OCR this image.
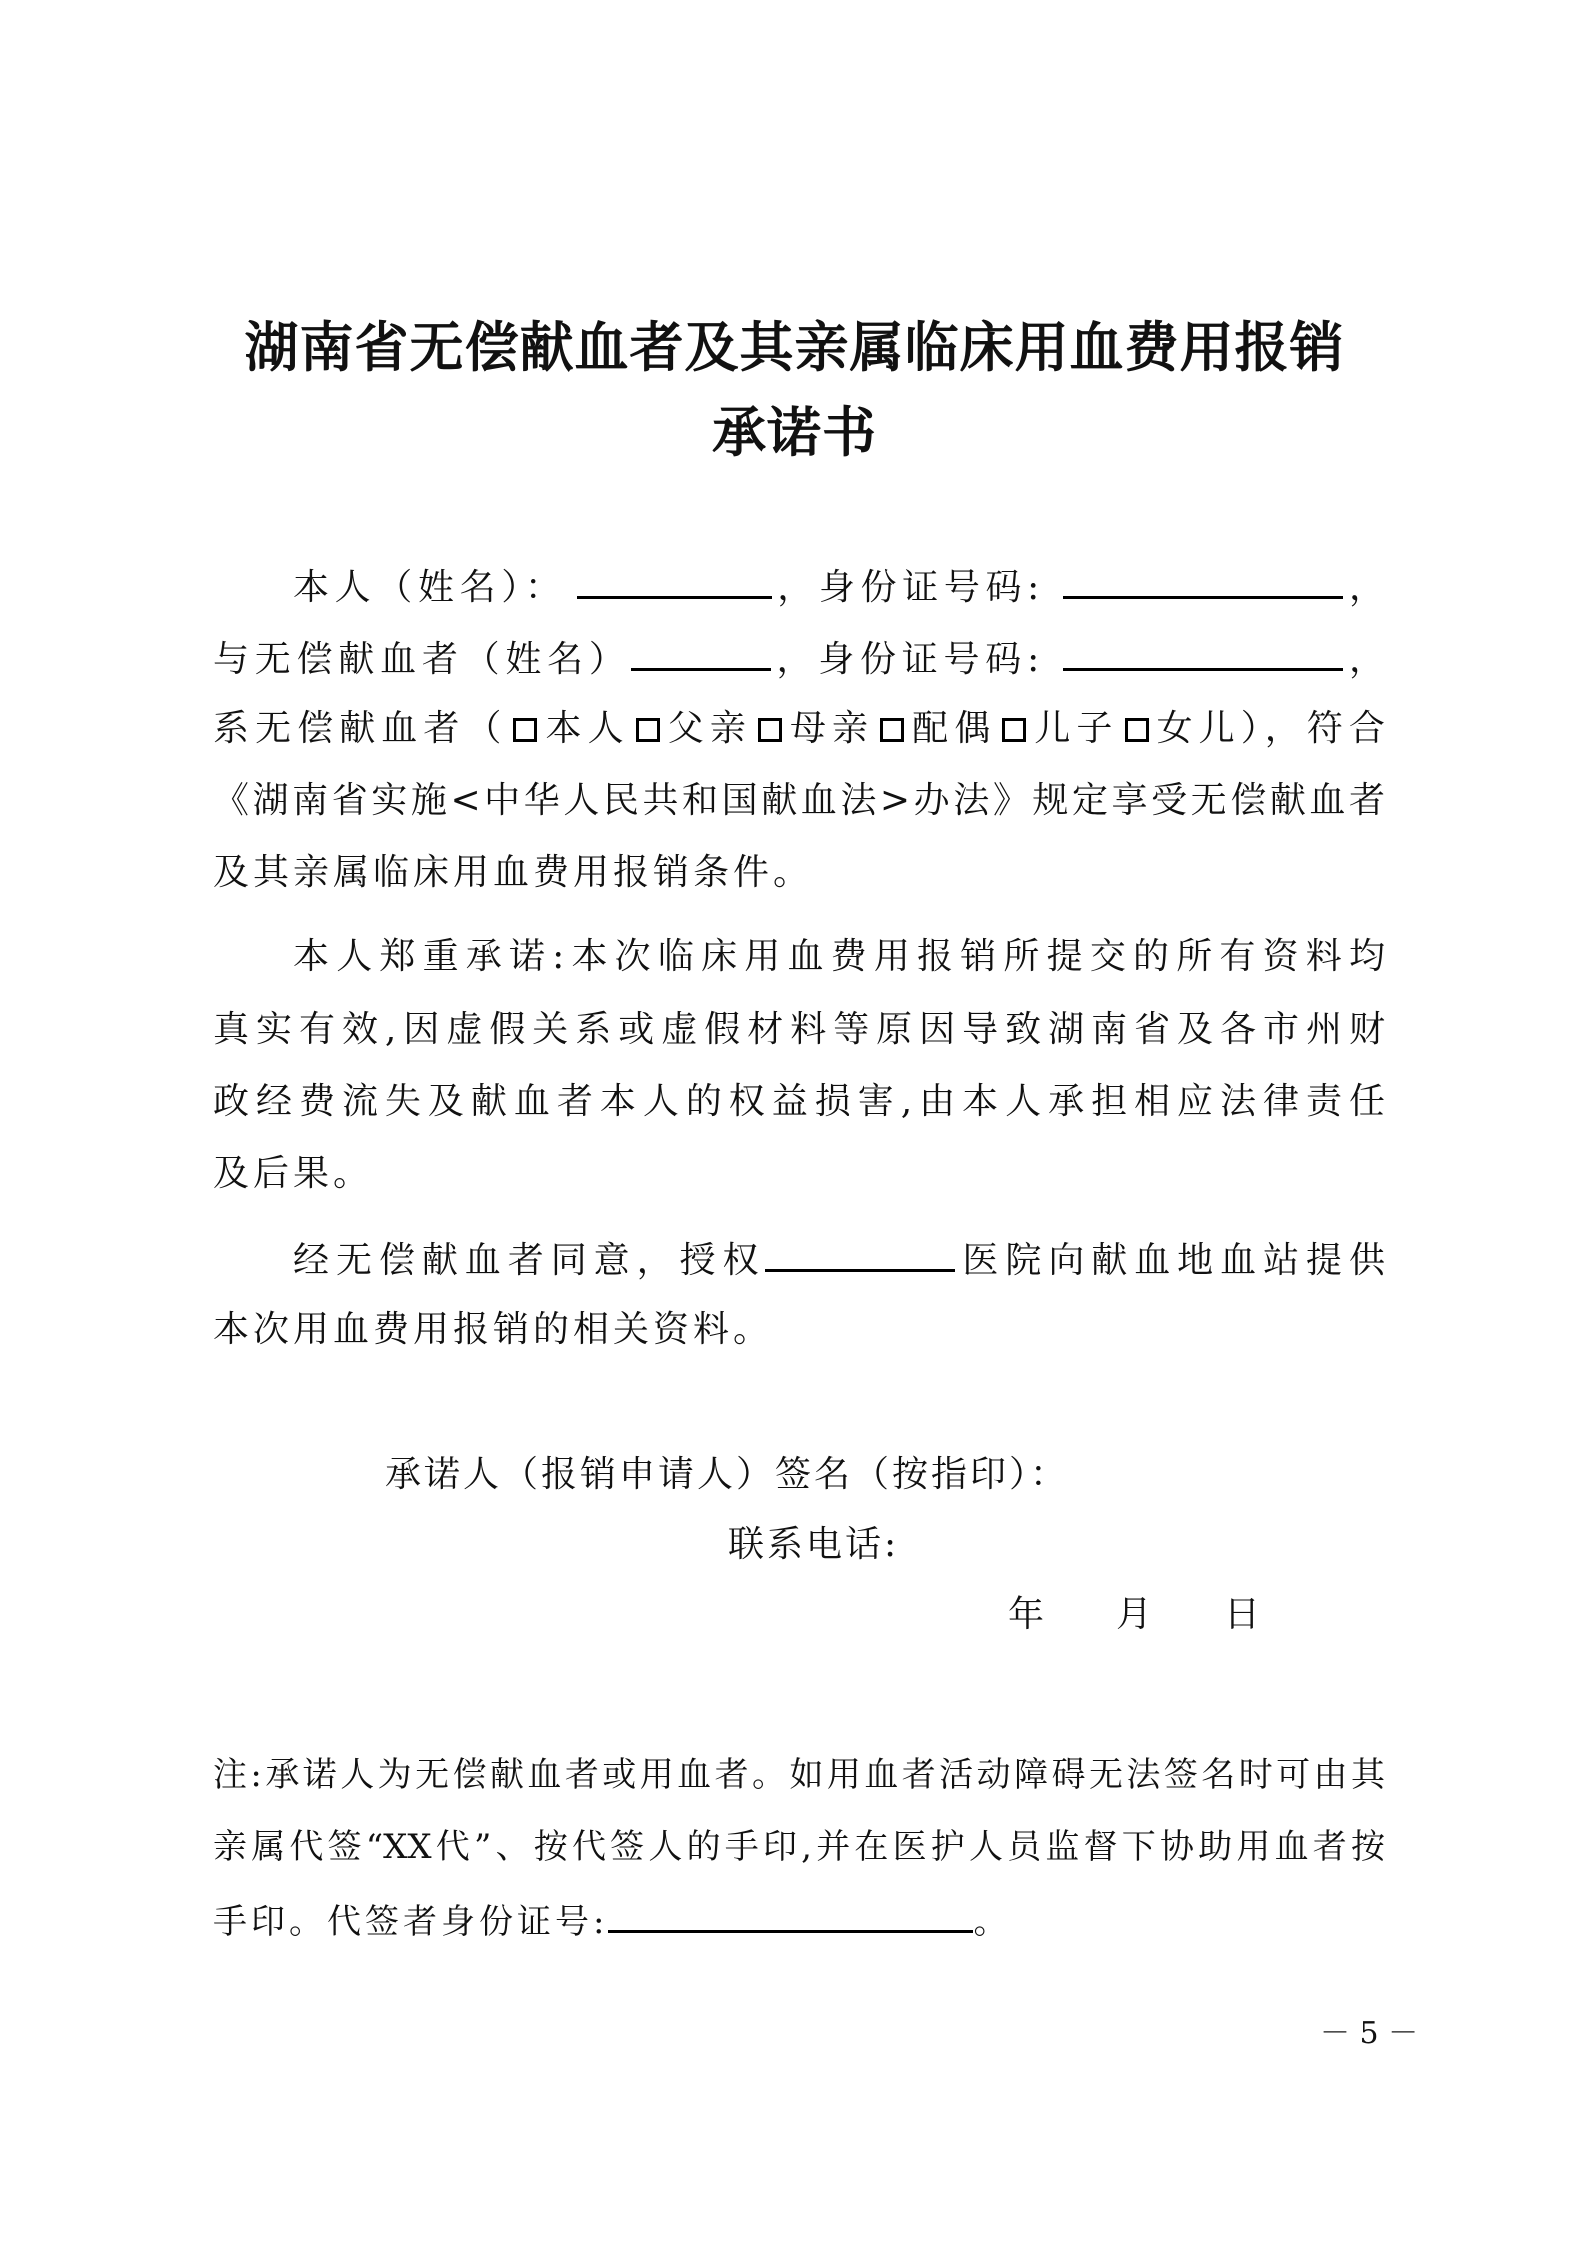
湖南省无偿献血者及其亲属临床用血费用报销
承诺书
本人（姓名）：	，身份证号码:	，
与无偿献血者（姓名）	，身份证号码:	，
系无偿献血者（ 本人 父亲 母亲 配偶 儿子 女儿），符合
《湖南省实施<中华人民共和国献血法>办法》规定享受无偿献血者
及其亲属临床用血费用报销条件。
本人郑重承诺:本次临床用血费用报销所提交的所有资料均
真实有效,因虚假关系或虚假材料等原因导致湖南省及各市州财
政经费流失及献血者本人的权益损害,由本人承担相应法律责任
及后果。
经无偿献血者同意，授权	医院向献血地血站提供
本次用血费用报销的相关资料。
承诺人（报销申请人）签名（按指印）：
联系电话:
年 月 日
注:承诺人为无偿献血者或用血者。如用血者活动障碍无法签名时可由其
亲属代签“XX代”、按代签人的手印,并在医护人员监督下协助用血者按
手印。代签者身份证号:	。
－ 5 －
